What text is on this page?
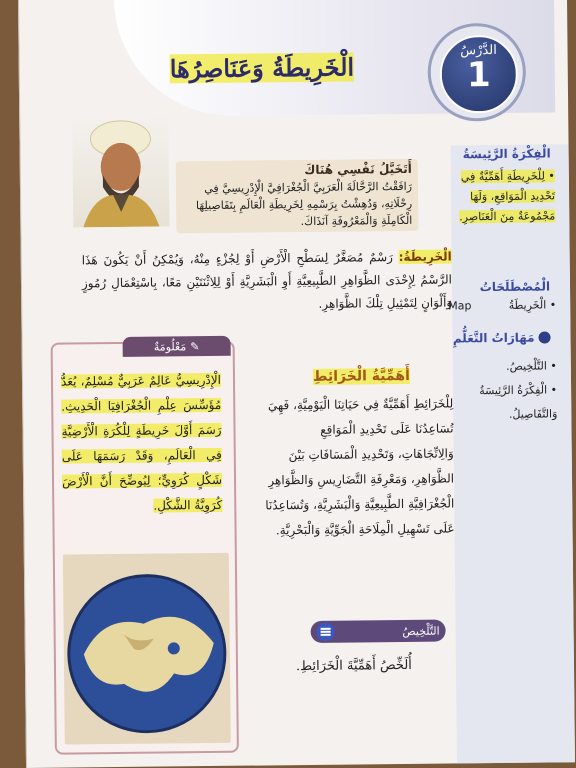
الدَّرْسُ
1
الْخَرِيطَةُ وَعَنَاصِرُهَا
أَتَخَيَّلُ نَفْسِي هُنَاكَ
رَافَقْتُ الرَّحَّالَةَ الْعَرَبِيَّ الْجُغْرَافِيَّ الْإِدْرِيسِيَّ فِي رِحْلَاتِهِ، وَدُهِشْتُ بِرَسْمِهِ لِخَرِيطَةِ الْعَالَمِ بِتَفَاصِيلِهَا الْكَامِلَةِ وَالْمَعْرُوفَةِ آنَذَاكَ.
الْفِكْرَةُ الرَّئِيسَةُ
• لِلْخَرِيطَةِ أَهَمِّيَّةٌ فِي تَحْدِيدِ الْمَوَاقِعِ، وَلَهَا مَجْمُوعَةٌ مِنَ الْعَنَاصِرِ.
الْمُصْطَلَحَاتُ
• الْخَرِيطَةُ
Map
مَهَارَاتُ التَّعَلُّمِ
• التَّلْخِيصُ.
• الْفِكْرَةُ الرَّئِيسَةُ وَالتَّفَاصِيلُ.
الْخَرِيطَةُ: رَسْمٌ مُصَغَّرٌ لِسَطْحِ الْأَرْضِ أَوْ لِجُزْءٍ مِنْهُ، وَيُمْكِنُ أَنْ يَكُونَ هَذَا الرَّسْمُ لِإِحْدَى الظَّوَاهِرِ الطَّبِيعِيَّةِ أَوِ الْبَشَرِيَّةِ أَوْ لِلِاثْنَتَيْنِ مَعًا، بِاسْتِعْمَالِ رُمُوزٍ وَأَلْوَانٍ لِتَمْثِيلِ تِلْكَ الظَّوَاهِرِ.
✎
مَعْلُومَةٌ
الْإِدْرِيسِيُّ عَالِمٌ عَرَبِيٌّ مُسْلِمٌ، يُعَدُّ مُؤَسِّسَ عِلْمِ الْجُغْرَافِيَا الْحَدِيثِ. رَسَمَ أَوَّلَ خَرِيطَةٍ لِلْكُرَةِ الْأَرْضِيَّةِ فِي الْعَالَمِ، وَقَدْ رَسَمَهَا عَلَى شَكْلٍ كُرَوِيٍّ؛ لِيُوضِّحَ أَنَّ الْأَرْضَ كُرَوِيَّةُ الشَّكْلِ.
أَهَمِّيَّةُ الْخَرَائِطِ
لِلْخَرَائِطِ أَهَمِّيَّةٌ فِي حَيَاتِنَا الْيَوْمِيَّةِ، فَهِيَ تُسَاعِدُنَا عَلَى تَحْدِيدِ الْمَوَاقِعِ وَالِاتِّجَاهَاتِ، وَتَحْدِيدِ الْمَسَافَاتِ بَيْنَ الظَّوَاهِرِ، وَمَعْرِفَةِ التَّضَارِيسِ وَالظَّوَاهِرِ الْجُغْرَافِيَّةِ الطَّبِيعِيَّةِ وَالْبَشَرِيَّةِ، وَتُسَاعِدُنَا عَلَى تَسْهِيلِ الْمِلَاحَةِ الْجَوِّيَّةِ وَالْبَحْرِيَّةِ.
التَّلْخِيصُ
أُلَخِّصُ أَهَمِّيَّةَ الْخَرَائِطِ.
